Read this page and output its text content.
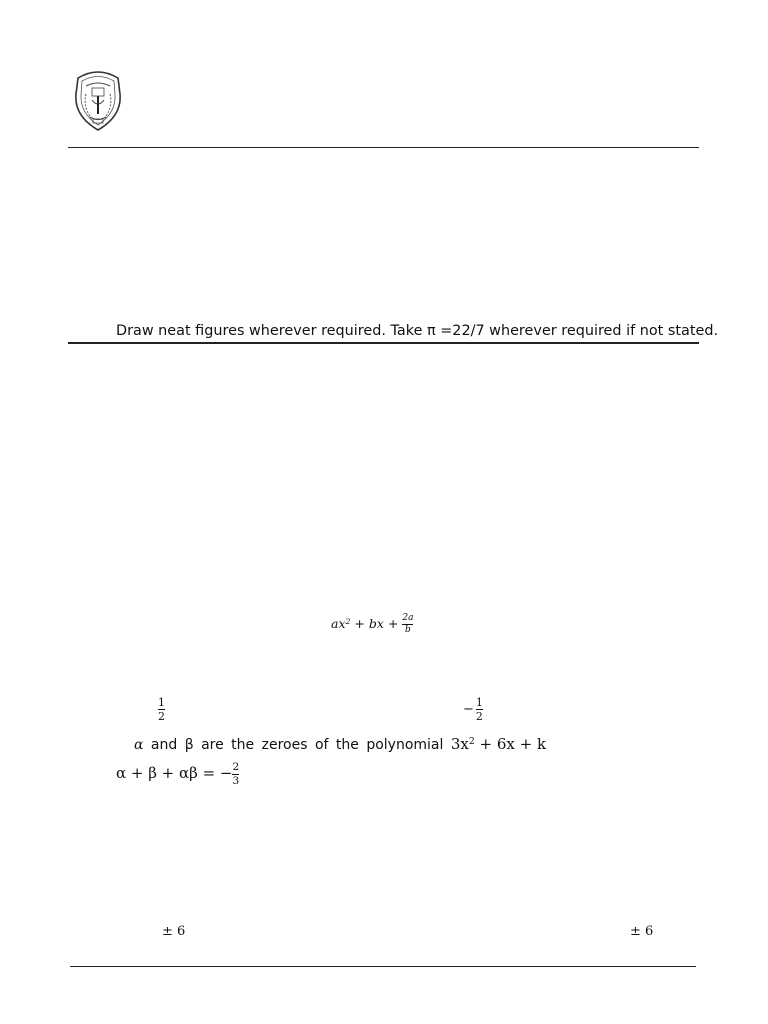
Draw neat figures wherever required. Take π =22/7 wherever required if not stated.
$ax^2$ + bx + $\frac{2a}{b}$
$\frac{1}{2}$	− $\frac{1}{2}$
α and β are the zeroes of the polynomial $3x^2 + 6x + k$
α + β + αβ = − $\frac{2}{3}$
± 6	± 6
